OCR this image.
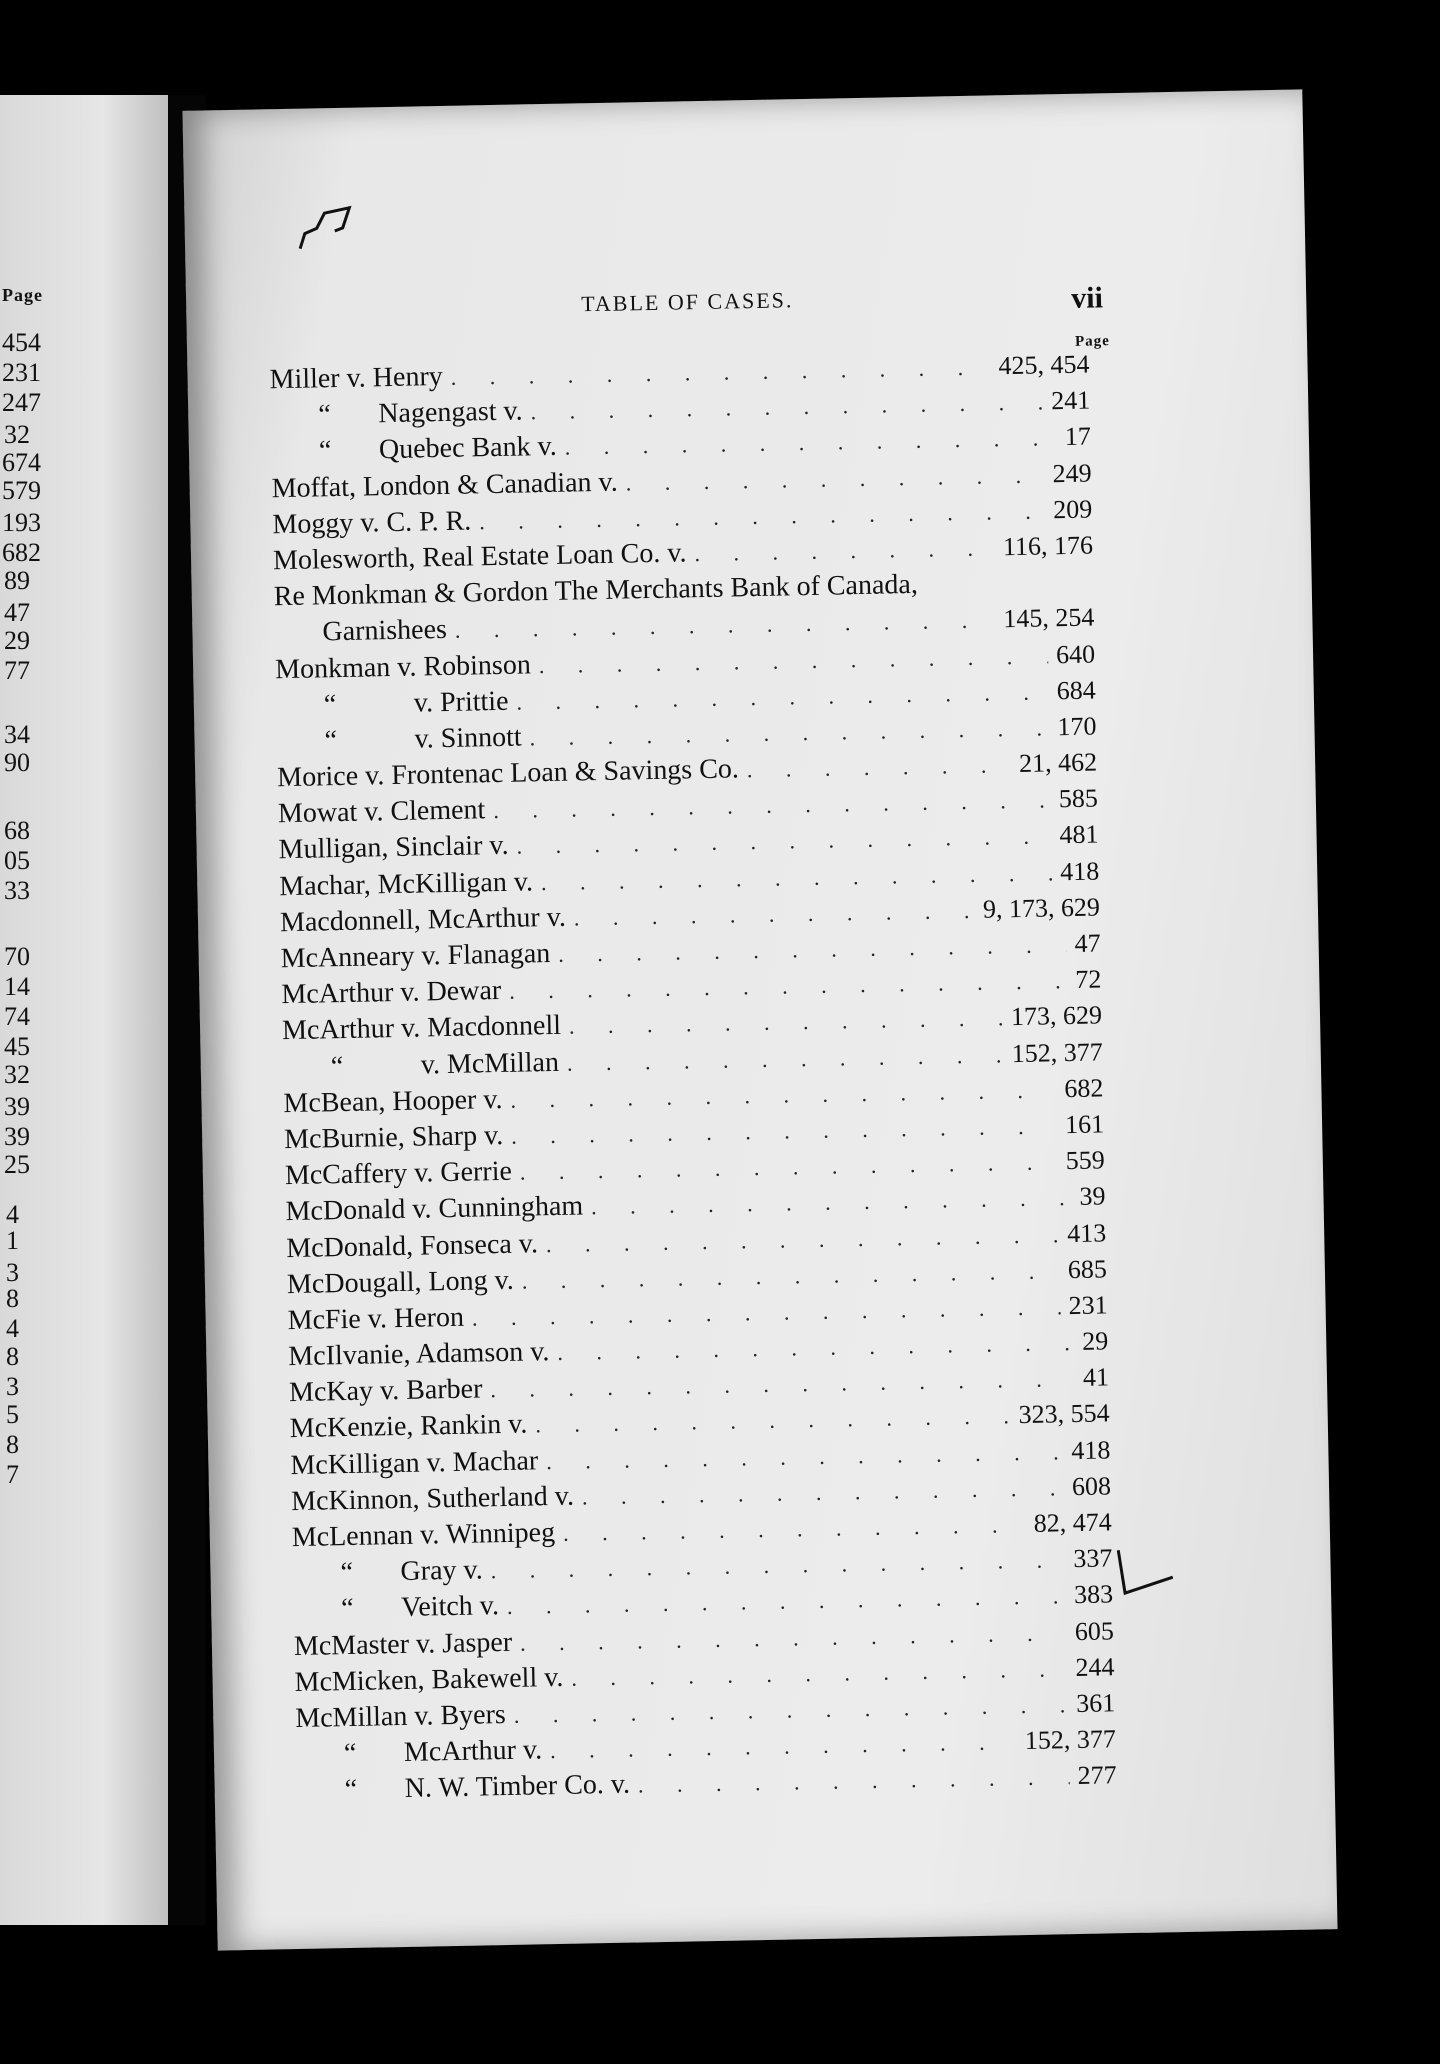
Page
454
231
247
32
674
579
193
682
89
47
29
77
34
90
68
05
33
70
14
74
45
32
39
39
25
4
1
3
8
4
8
3
5
8
7
TABLE OF CASES.	vii
Page
Miller v. Henry . . .	425, 454
“ Nagengast v. . . .	241
“ Quebec Bank v. . . .	17
Moffat, London & Canadian v. . . .	249
Moggy v. C. P. R. . . .	209
Molesworth, Real Estate Loan Co. v. . . .	116, 176
Re Monkman & Gordon The Merchants Bank of Canada,
Garnishees . . .	145, 254
Monkman v. Robinson . . .	640
“	v. Prittie . . .	684
“	v. Sinnott . . .	170
Morice v. Frontenac Loan & Savings Co. . . .	21, 462
Mowat v. Clement . . .	585
Mulligan, Sinclair v. . . .	481
Machar, McKilligan v. . . .	418
Macdonnell, McArthur v. . . .	9, 173, 629
McAnneary v. Flanagan . . .	47
McArthur v. Dewar . . .	72
McArthur v. Macdonnell . . .	173, 629
“	v. McMillan . . .	152, 377
McBean, Hooper v. . . .	682
McBurnie, Sharp v. . . .	161
McCaffery v. Gerrie . . .	559
McDonald v. Cunningham . . .	39
McDonald, Fonseca v. . . .	413
McDougall, Long v. . . .	685
McFie v. Heron . . .	231
McIlvanie, Adamson v. . . .	29
McKay v. Barber . . .	41
McKenzie, Rankin v. . . .	323, 554
McKilligan v. Machar . . .	418
McKinnon, Sutherland v. . . .	608
McLennan v. Winnipeg . . .	82, 474
“ Gray v. . . .	337
“ Veitch v. . . .	383
McMaster v. Jasper . . .	605
McMicken, Bakewell v. . . .	244
McMillan v. Byers . . .	361
“ McArthur v. . . .	152, 377
“ N. W. Timber Co. v. . . .	277
